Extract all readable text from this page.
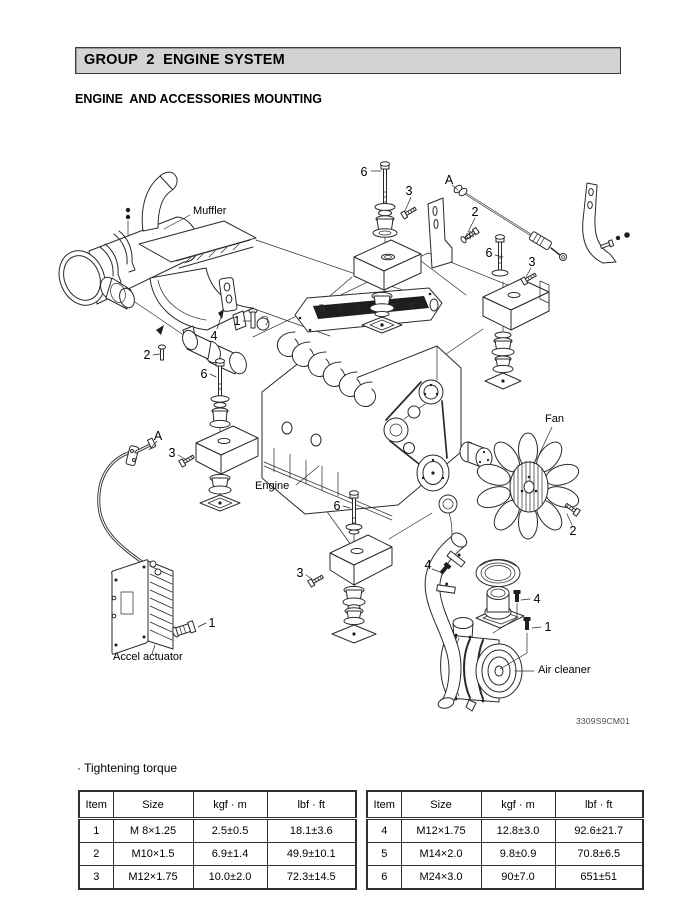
GROUP  2  ENGINE SYSTEM
ENGINE  AND ACCESSORIES MOUNTING
6
3
2
6
3
1
4
2
6
3
6
3
1
2
4
4
1
A
A
Muffler
Engine
Fan
Accel actuator
Air cleaner
3309S9CM01
· Tightening torque
Item	Size	kgf · m	lbf · ft
1	M 8×1.25	2.5±0.5	18.1±3.6
2	M10×1.5	6.9±1.4	49.9±10.1
3	M12×1.75	10.0±2.0	72.3±14.5
Item	Size	kgf · m	lbf · ft
4	M12×1.75	12.8±3.0	92.6±21.7
5	M14×2.0	9.8±0.9	70.8±6.5
6	M24×3.0	90±7.0	651±51
